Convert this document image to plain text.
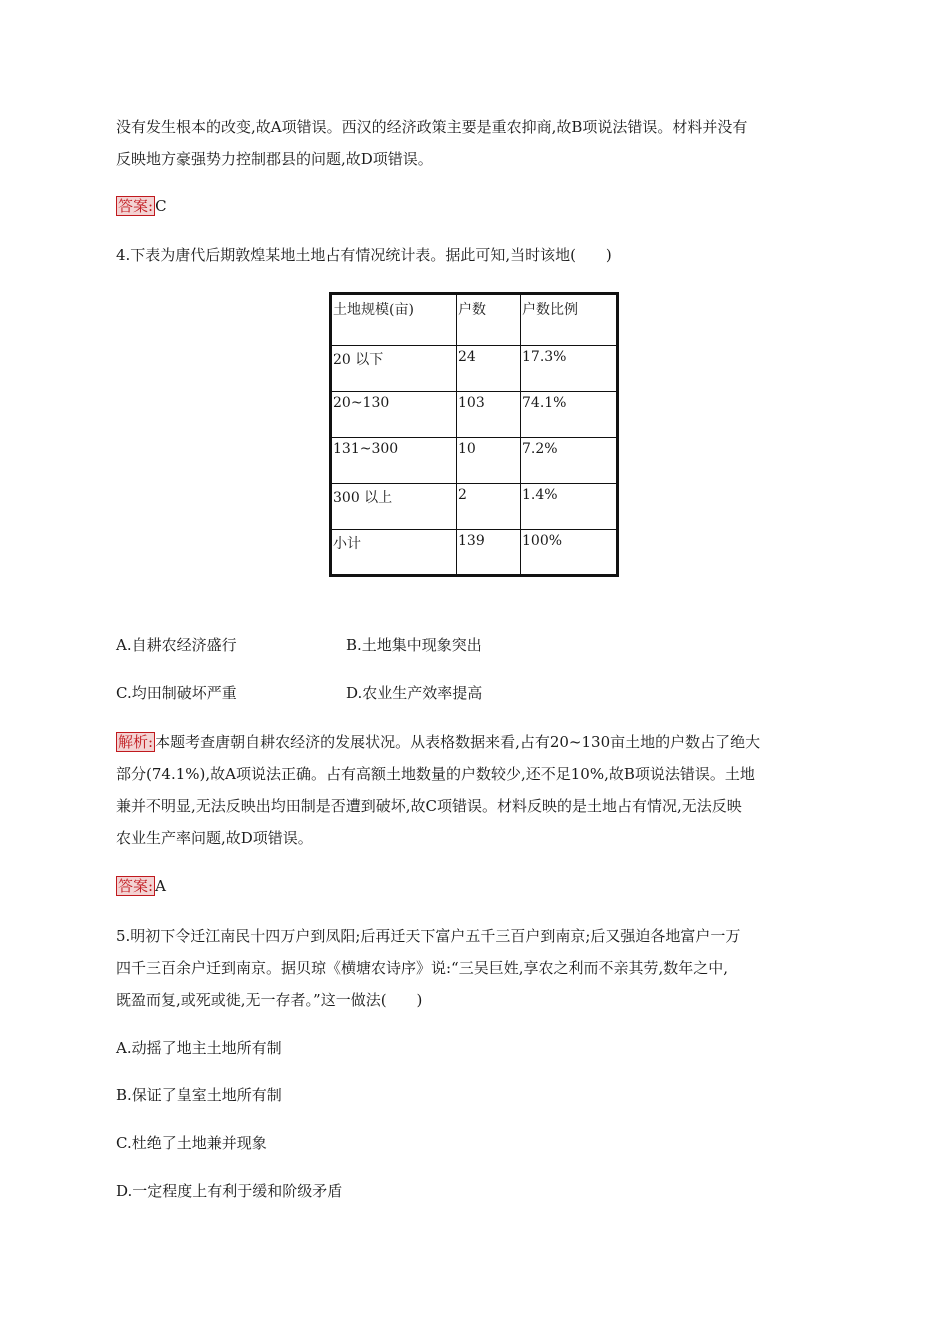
没有发生根本的改变,故A项错误。西汉的经济政策主要是重农抑商,故B项说法错误。材料并没有
反映地方豪强势力控制郡县的问题,故D项错误。
答案: C
4.下表为唐代后期敦煌某地土地占有情况统计表。据此可知,当时该地(　　)
土地规模(亩)	户数	户数比例
20 以下	24	17.3%
20~130	103	74.1%
131~300	10	7.2%
300 以上	2	1.4%
小计	139	100%
A.自耕农经济盛行	B.土地集中现象突出
C.均田制破坏严重	D.农业生产效率提高
解析: 本题考查唐朝自耕农经济的发展状况。从表格数据来看,占有20~130亩土地的户数占了绝大
部分(74.1%),故A项说法正确。占有高额土地数量的户数较少,还不足10%,故B项说法错误。土地
兼并不明显,无法反映出均田制是否遭到破坏,故C项错误。材料反映的是土地占有情况,无法反映
农业生产率问题,故D项错误。
答案: A
5.明初下令迁江南民十四万户到凤阳;后再迁天下富户五千三百户到南京;后又强迫各地富户一万
四千三百余户迁到南京。据贝琼《横塘农诗序》说:“三吴巨姓,享农之利而不亲其劳,数年之中,
既盈而复,或死或徙,无一存者。”这一做法(　　)
A.动摇了地主土地所有制
B.保证了皇室土地所有制
C.杜绝了土地兼并现象
D.一定程度上有利于缓和阶级矛盾
